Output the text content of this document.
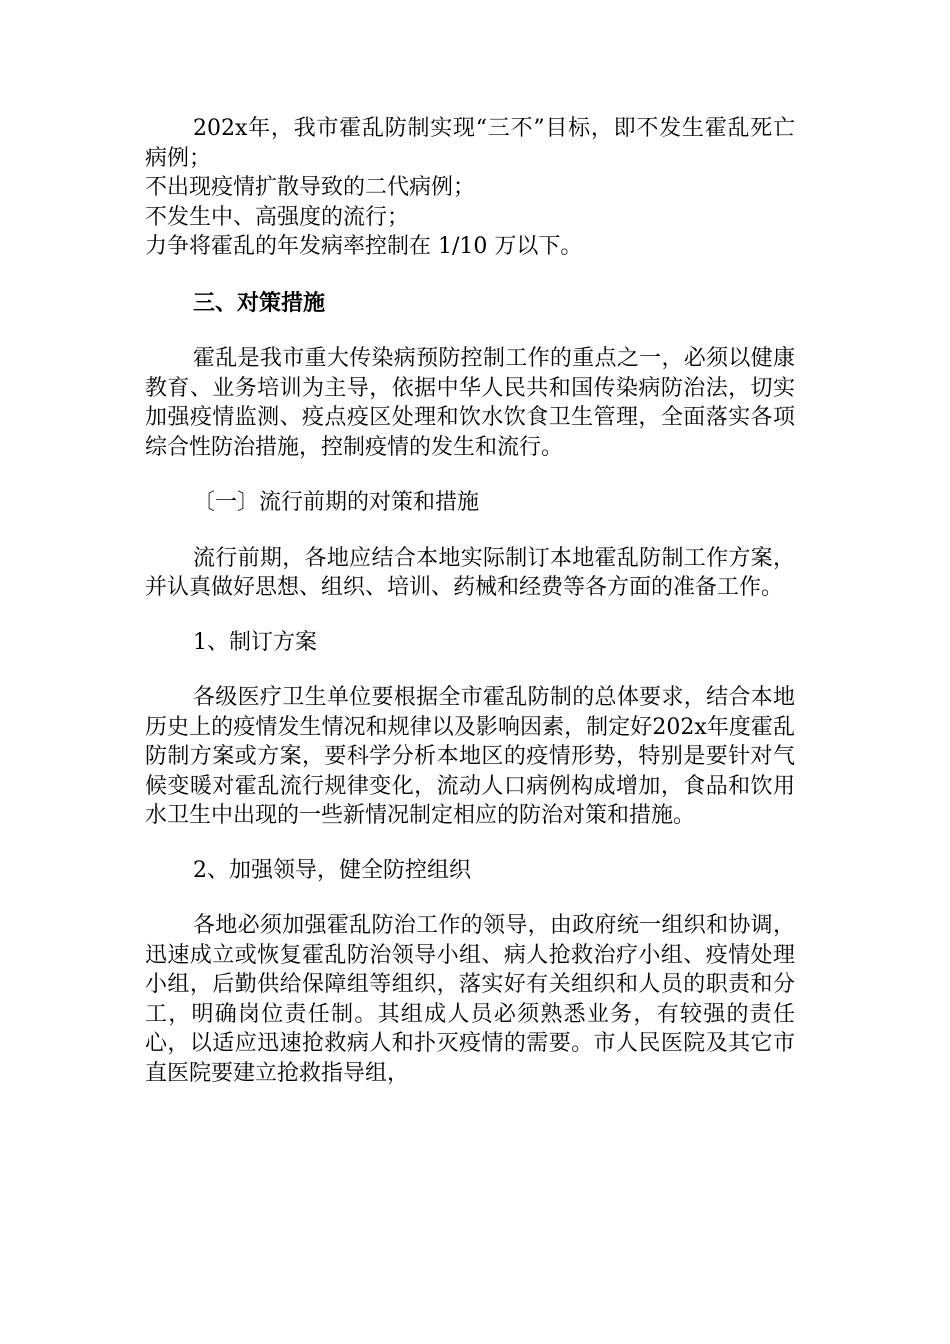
202x年，我市霍乱防制实现“三不”目标，即不发生霍乱死亡病例；

不出现疫情扩散导致的二代病例；

不发生中、高强度的流行；

力争将霍乱的年发病率控制在 1/10 万以下。

三、对策措施

霍乱是我市重大传染病预防控制工作的重点之一，必须以健康教育、业务培训为主导，依据中华人民共和国传染病防治法，切实加强疫情监测、疫点疫区处理和饮水饮食卫生管理，全面落实各项综合性防治措施，控制疫情的发生和流行。

〔一〕流行前期的对策和措施

流行前期，各地应结合本地实际制订本地霍乱防制工作方案，并认真做好思想、组织、培训、药械和经费等各方面的准备工作。

1、制订方案

各级医疗卫生单位要根据全市霍乱防制的总体要求，结合本地历史上的疫情发生情况和规律以及影响因素，制定好202x年度霍乱防制方案或方案，要科学分析本地区的疫情形势，特别是要针对气候变暖对霍乱流行规律变化，流动人口病例构成增加，食品和饮用水卫生中出现的一些新情况制定相应的防治对策和措施。

2、加强领导，健全防控组织

各地必须加强霍乱防治工作的领导，由政府统一组织和协调，迅速成立或恢复霍乱防治领导小组、病人抢救治疗小组、疫情处理小组，后勤供给保障组等组织，落实好有关组织和人员的职责和分工，明确岗位责任制。其组成人员必须熟悉业务，有较强的责任心，以适应迅速抢救病人和扑灭疫情的需要。市人民医院及其它市直医院要建立抢救指导组，
